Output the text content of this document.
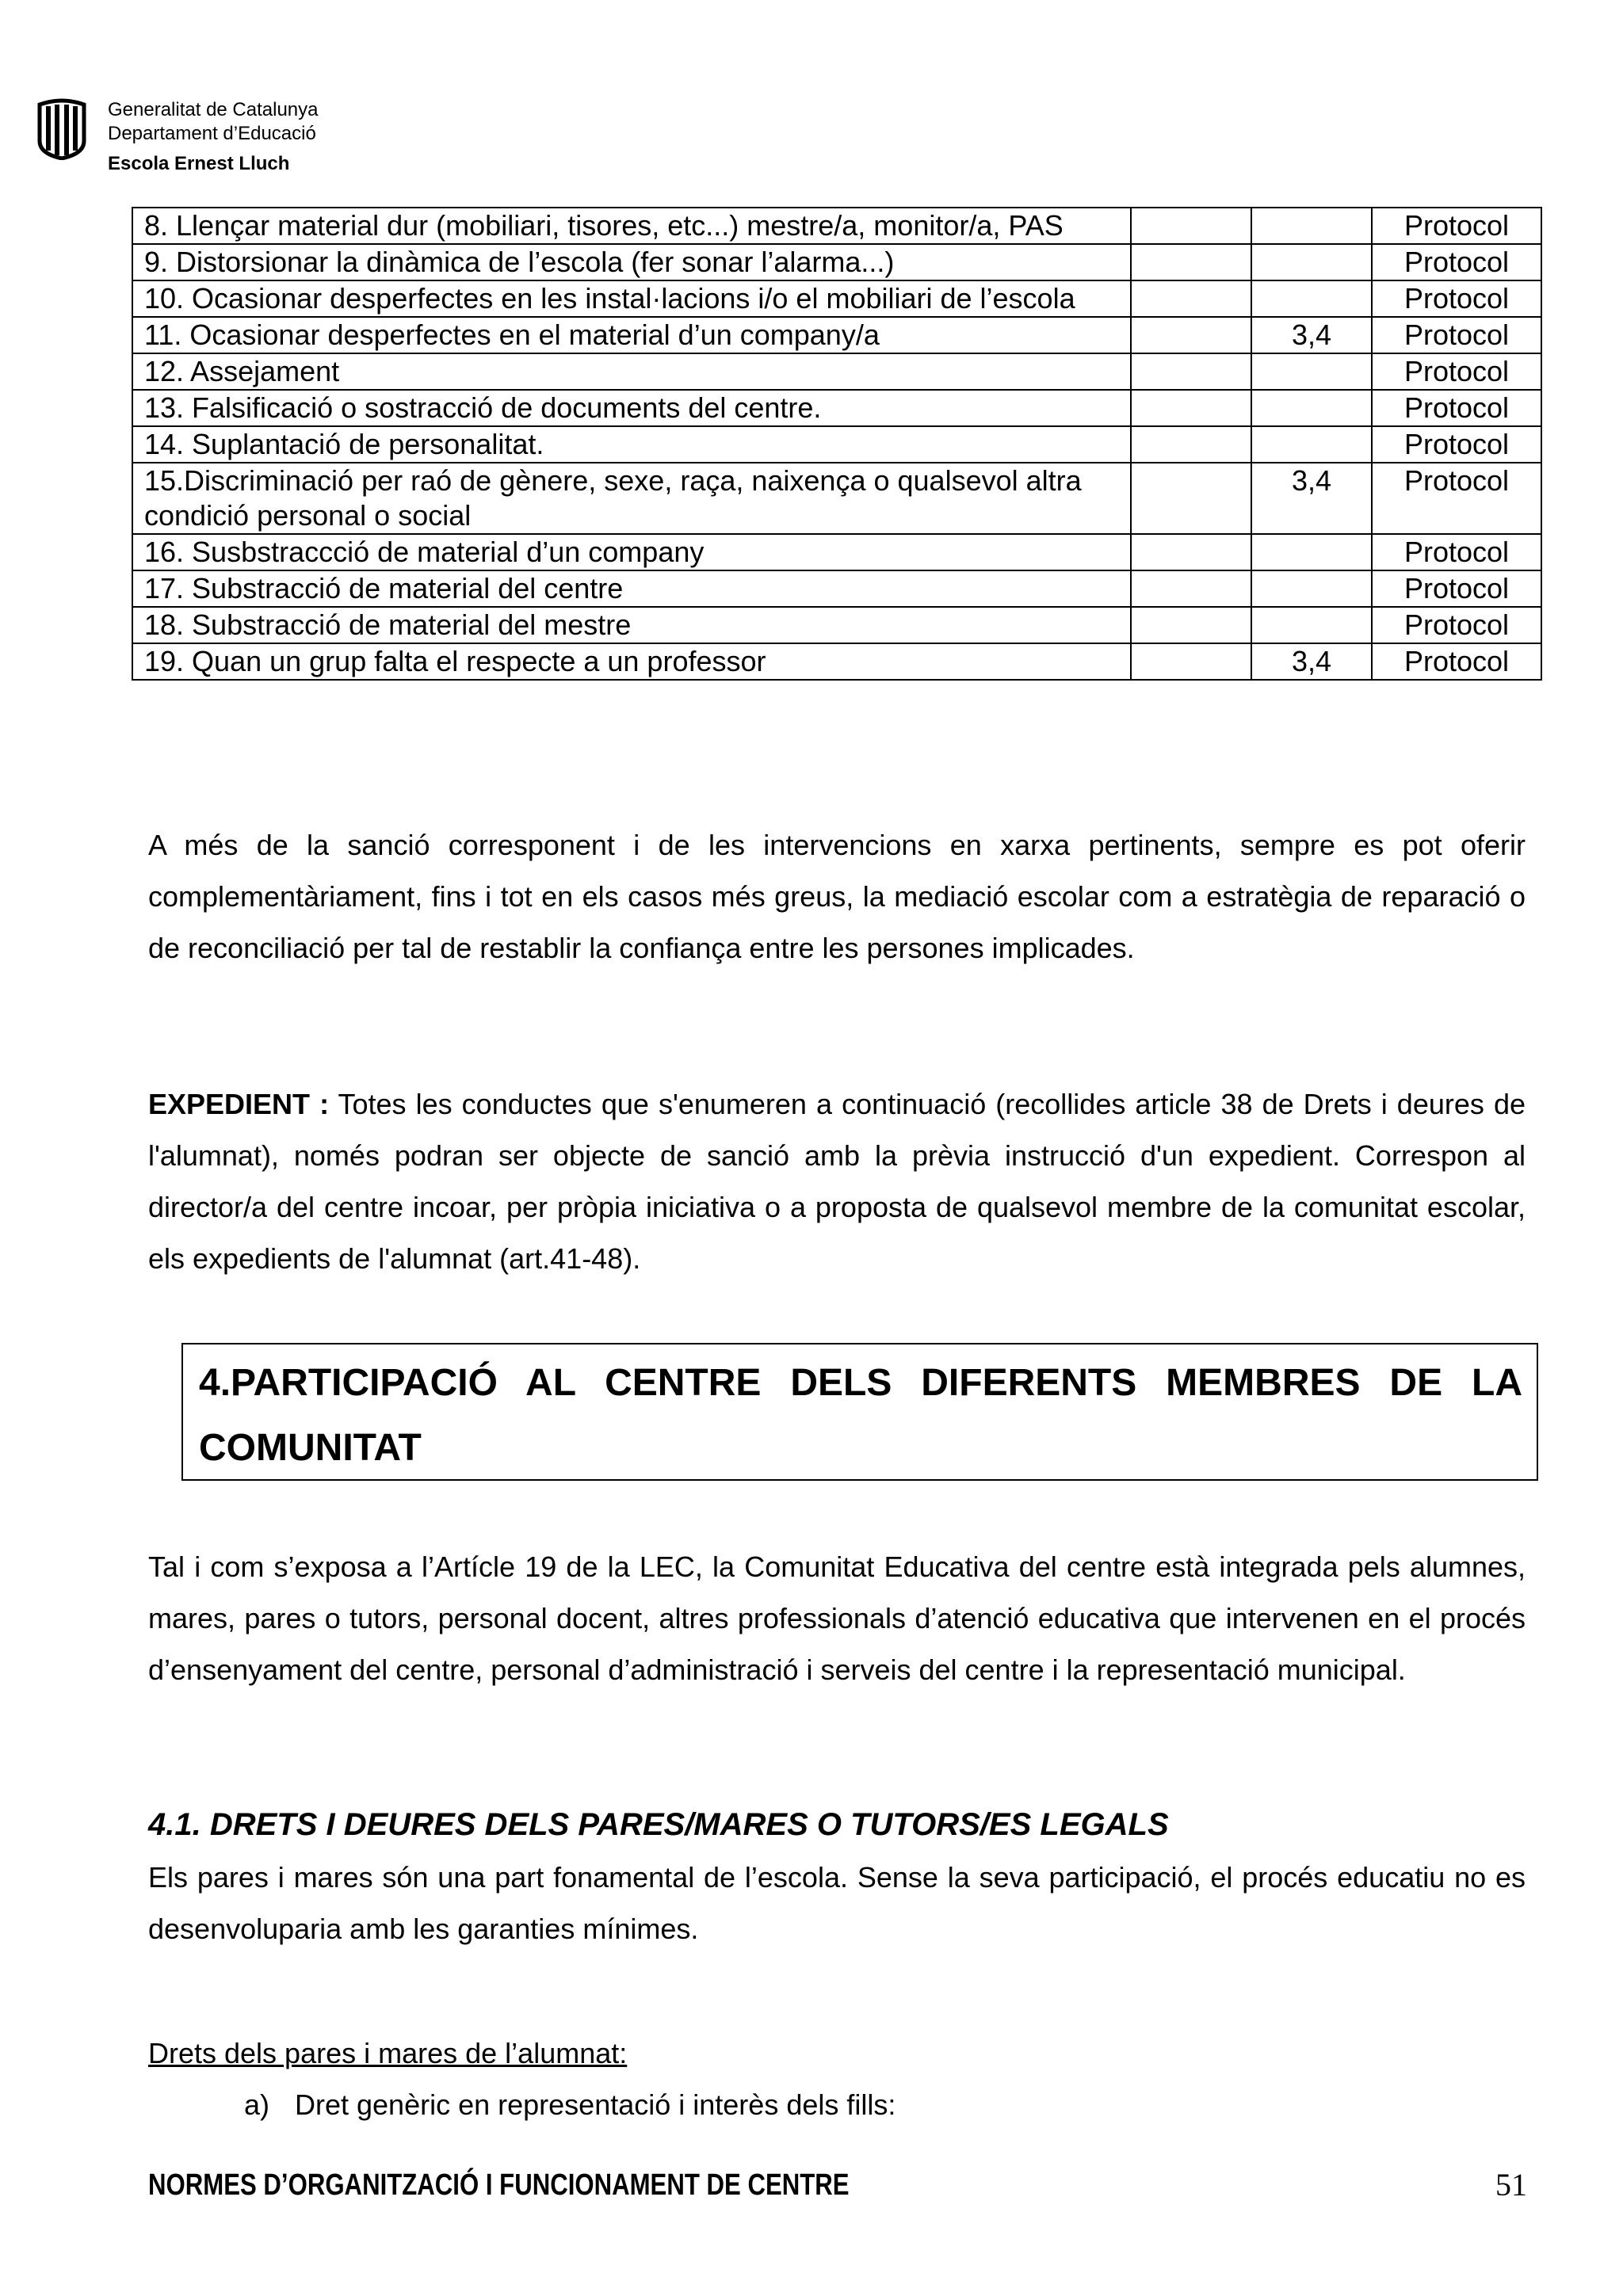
Generalitat de Catalunya
Departament d’Educació
Escola Ernest Lluch
8. Llençar material dur (mobiliari, tisores, etc...) mestre/a, monitor/a, PAS			Protocol
9. Distorsionar la dinàmica de l’escola (fer sonar l’alarma...)			Protocol
10. Ocasionar desperfectes en les instal·lacions i/o el mobiliari de l’escola			Protocol
11. Ocasionar desperfectes en el material d’un company/a		3,4	Protocol
12. Assejament			Protocol
13. Falsificació o sostracció de documents del centre.			Protocol
14. Suplantació de personalitat.			Protocol
15.Discriminació per raó de gènere, sexe, raça, naixença o qualsevol altra condició personal o social		3,4	Protocol
16. Susbstraccció de material d’un company			Protocol
17. Substracció de material del centre			Protocol
18. Substracció de material del mestre			Protocol
19. Quan un grup falta el respecte a un professor		3,4	Protocol
A més de la sanció corresponent i de les intervencions en xarxa pertinents, sempre es pot oferir complementàriament, fins i tot en els casos més greus, la mediació escolar com a estratègia de reparació o de reconciliació per tal de restablir la confiança entre les persones implicades.
EXPEDIENT : Totes les conductes que s'enumeren a continuació (recollides article 38 de Drets i deures de l'alumnat), només podran ser objecte de sanció amb la prèvia instrucció d'un expedient. Correspon al director/a del centre incoar, per pròpia iniciativa o a proposta de qualsevol membre de la comunitat escolar, els expedients de l'alumnat (art.41-48).
4.PARTICIPACIÓ AL CENTRE DELS DIFERENTS MEMBRES DE LA COMUNITAT
Tal i com s’exposa a l’Artícle 19 de la LEC, la Comunitat Educativa del centre està integrada pels alumnes, mares, pares o tutors, personal docent, altres professionals d’atenció educativa que intervenen en el procés d’ensenyament del centre, personal d’administració i serveis del centre i la representació municipal.
4.1. DRETS I DEURES DELS PARES/MARES O TUTORS/ES LEGALS
Els pares i mares són una part fonamental de l’escola. Sense la seva participació, el procés educatiu no es desenvoluparia amb les garanties mínimes.
Drets dels pares i mares de l’alumnat:
a) Dret genèric en representació i interès dels fills:
NORMES D’ORGANITZACIÓ I FUNCIONAMENT DE CENTRE	51
